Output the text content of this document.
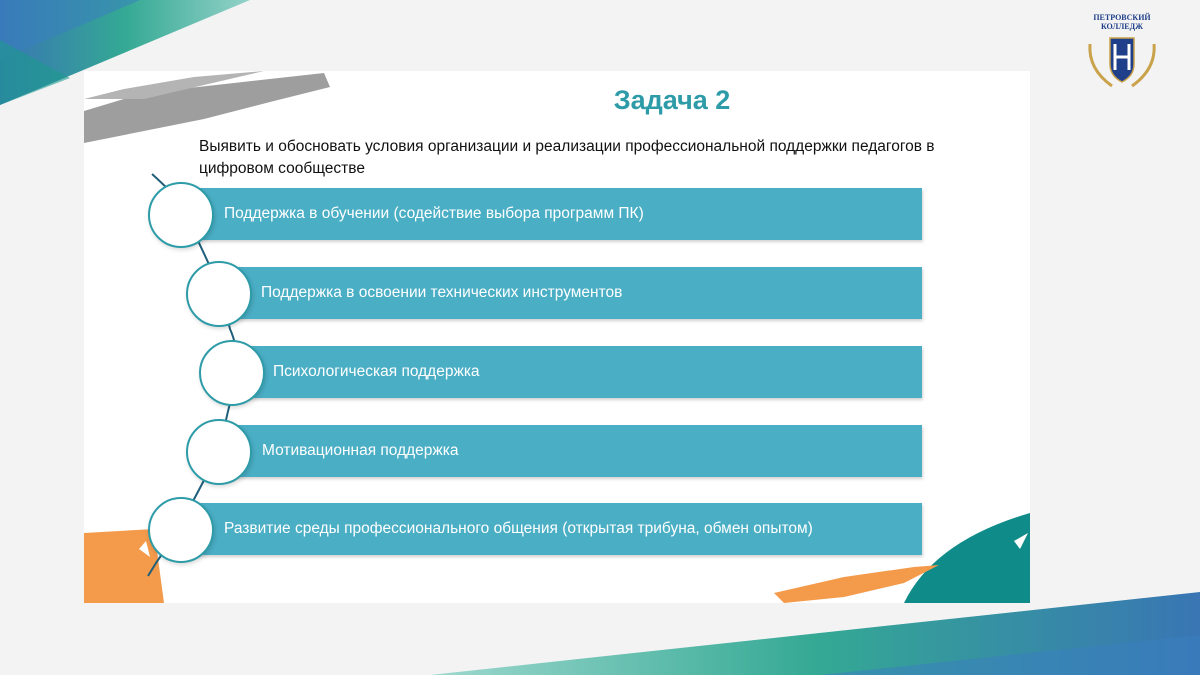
ПЕТРОВСКИЙ
КОЛЛЕДЖ
Задача 2
Выявить и обосновать условия организации и реализации профессиональной поддержки педагогов в цифровом сообществе
Поддержка в обучении (содействие выбора программ ПК)
Поддержка в освоении технических инструментов
Психологическая поддержка
Мотивационная поддержка
Развитие среды профессионального общения (открытая трибуна, обмен опытом)
